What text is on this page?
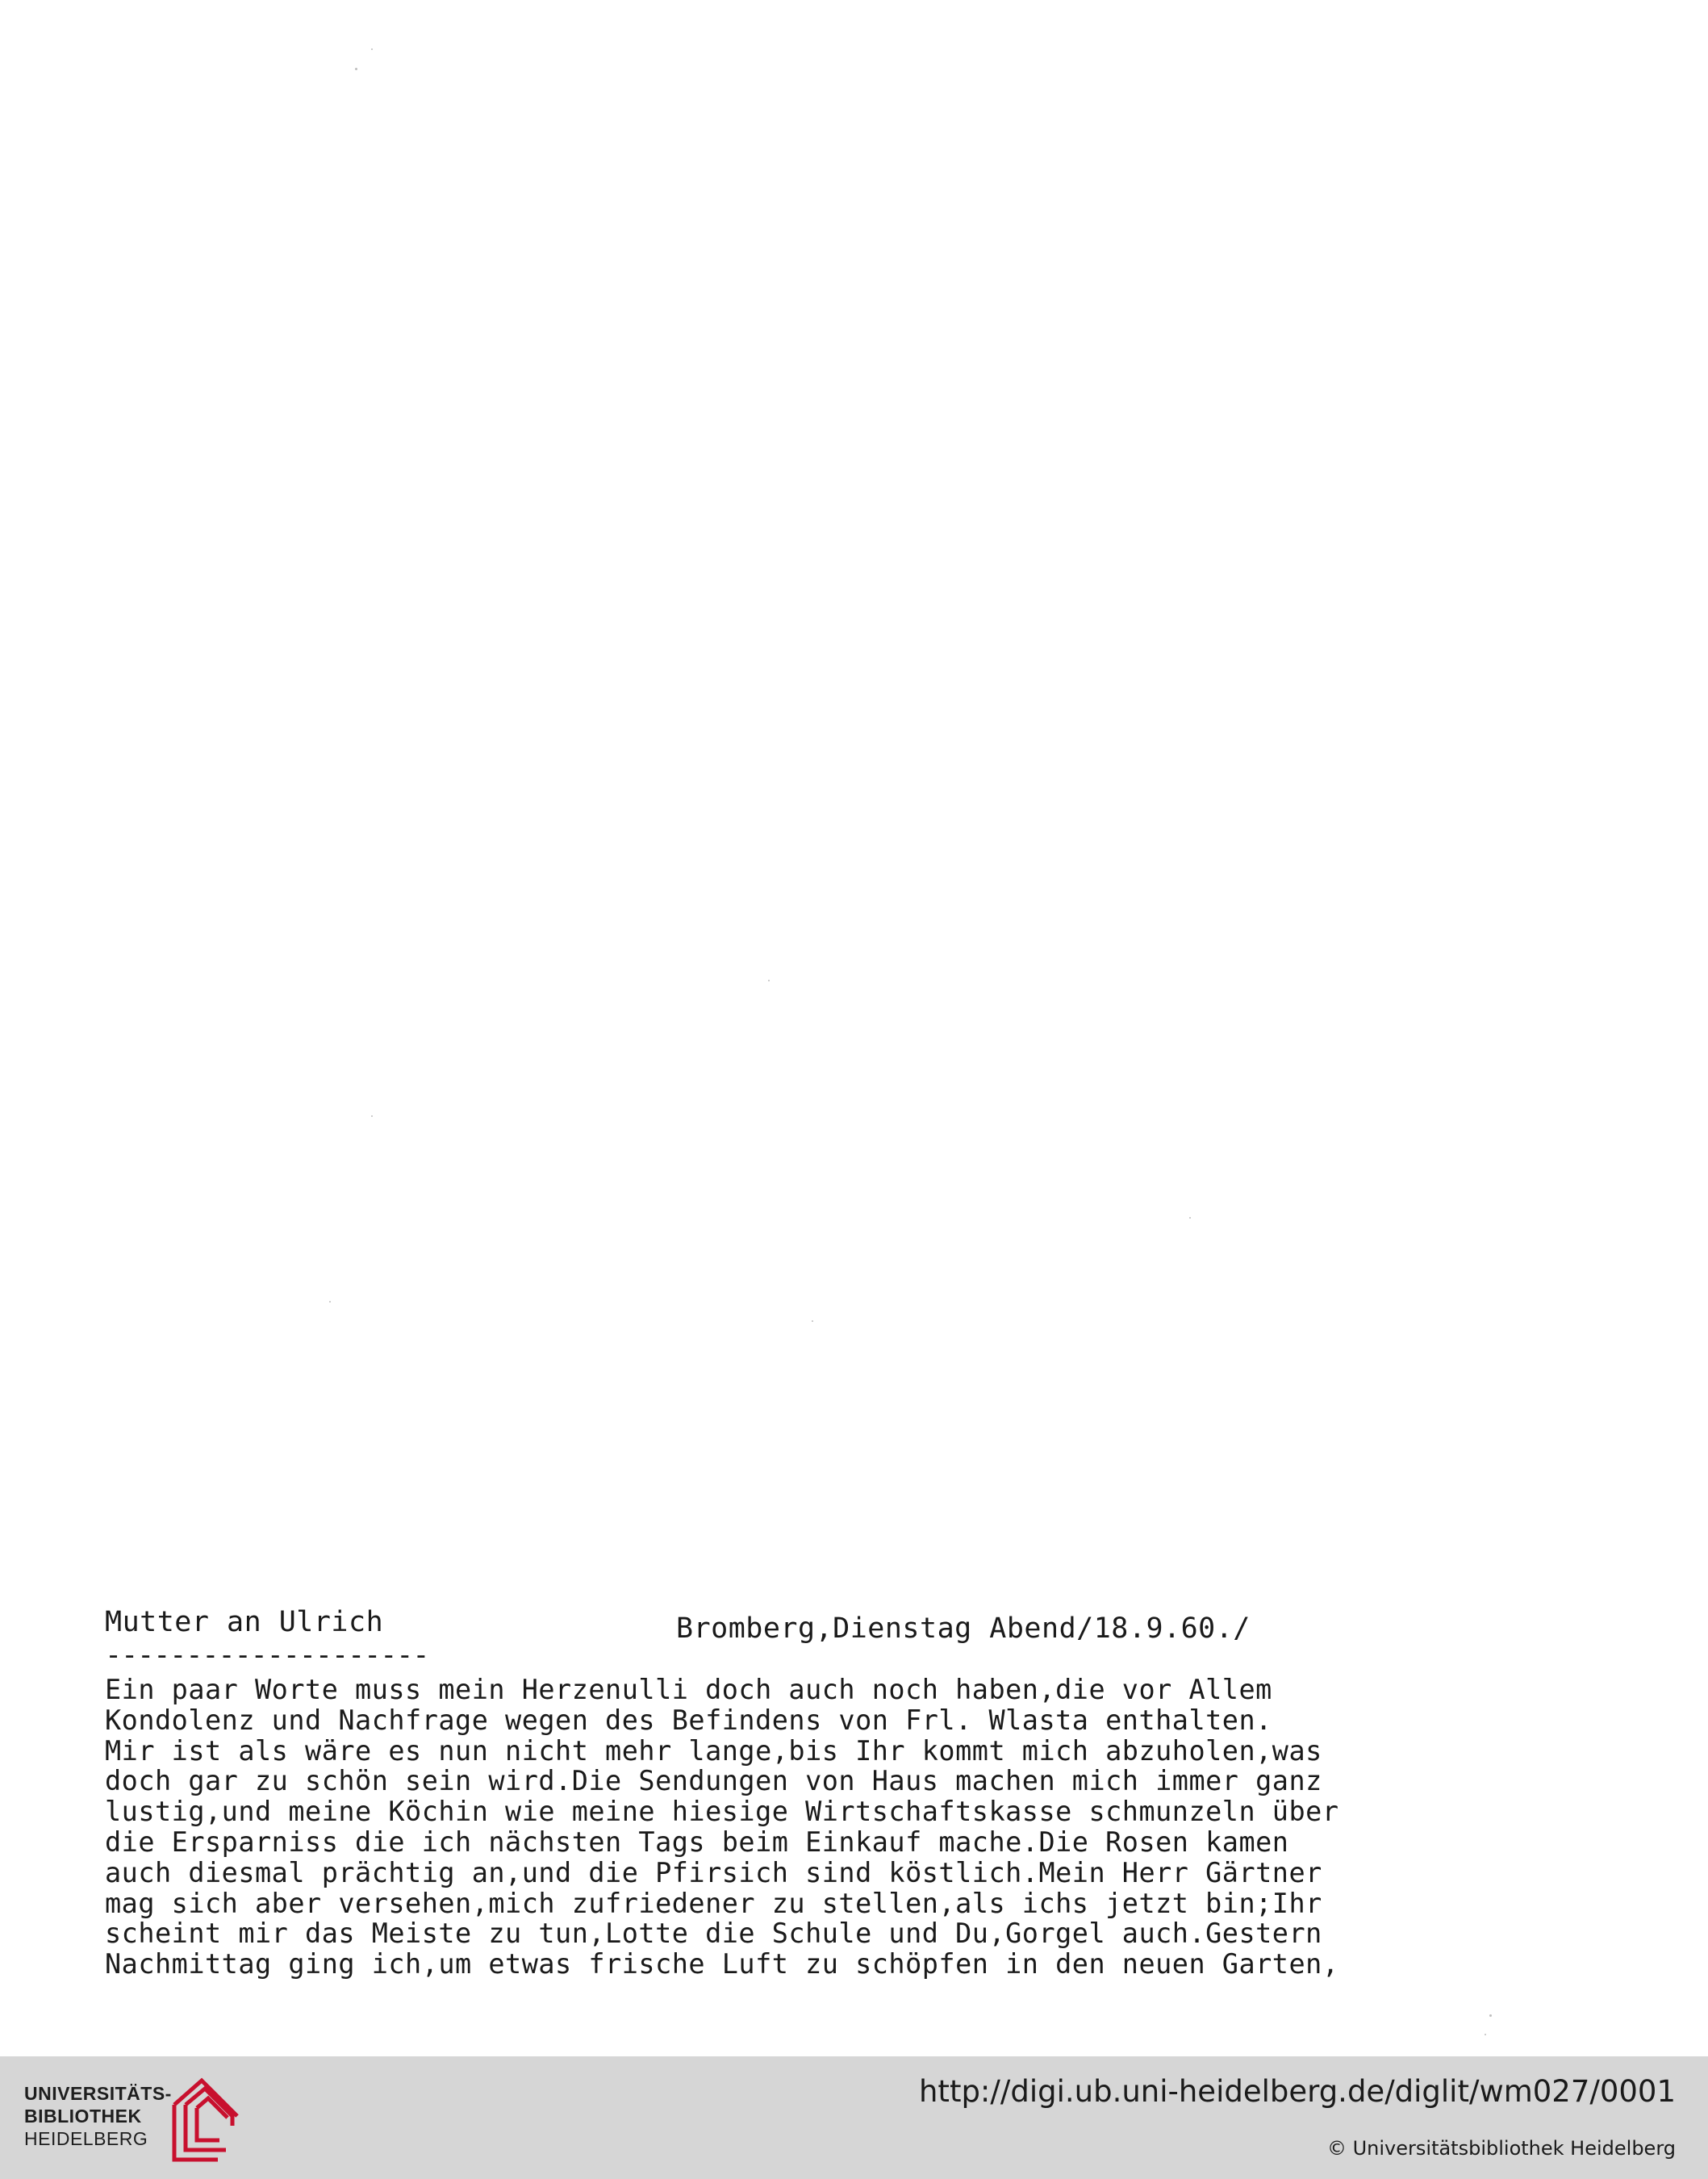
Mutter an Ulrich
--------------------
Bromberg,Dienstag Abend/18.9.60./
Ein paar Worte muss mein Herzenulli doch auch noch haben,die vor Allem
Kondolenz und Nachfrage wegen des Befindens von Frl. Wlasta enthalten.
Mir ist als wäre es nun nicht mehr lange,bis Ihr kommt mich abzuholen,was
doch gar zu schön sein wird.Die Sendungen von Haus machen mich immer ganz
lustig,und meine Köchin wie meine hiesige Wirtschaftskasse schmunzeln über
die Ersparniss die ich nächsten Tags beim Einkauf mache.Die Rosen kamen
auch diesmal prächtig an,und die Pfirsich sind köstlich.Mein Herr Gärtner
mag sich aber versehen,mich zufriedener zu stellen,als ichs jetzt bin;Ihr
scheint mir das Meiste zu tun,Lotte die Schule und Du,Gorgel auch.Gestern
Nachmittag ging ich,um etwas frische Luft zu schöpfen in den neuen Garten,
UNIVERSITÄTS-
BIBLIOTHEK
HEIDELBERG
http://digi.ub.uni-heidelberg.de/diglit/wm027/0001
© Universitätsbibliothek Heidelberg
